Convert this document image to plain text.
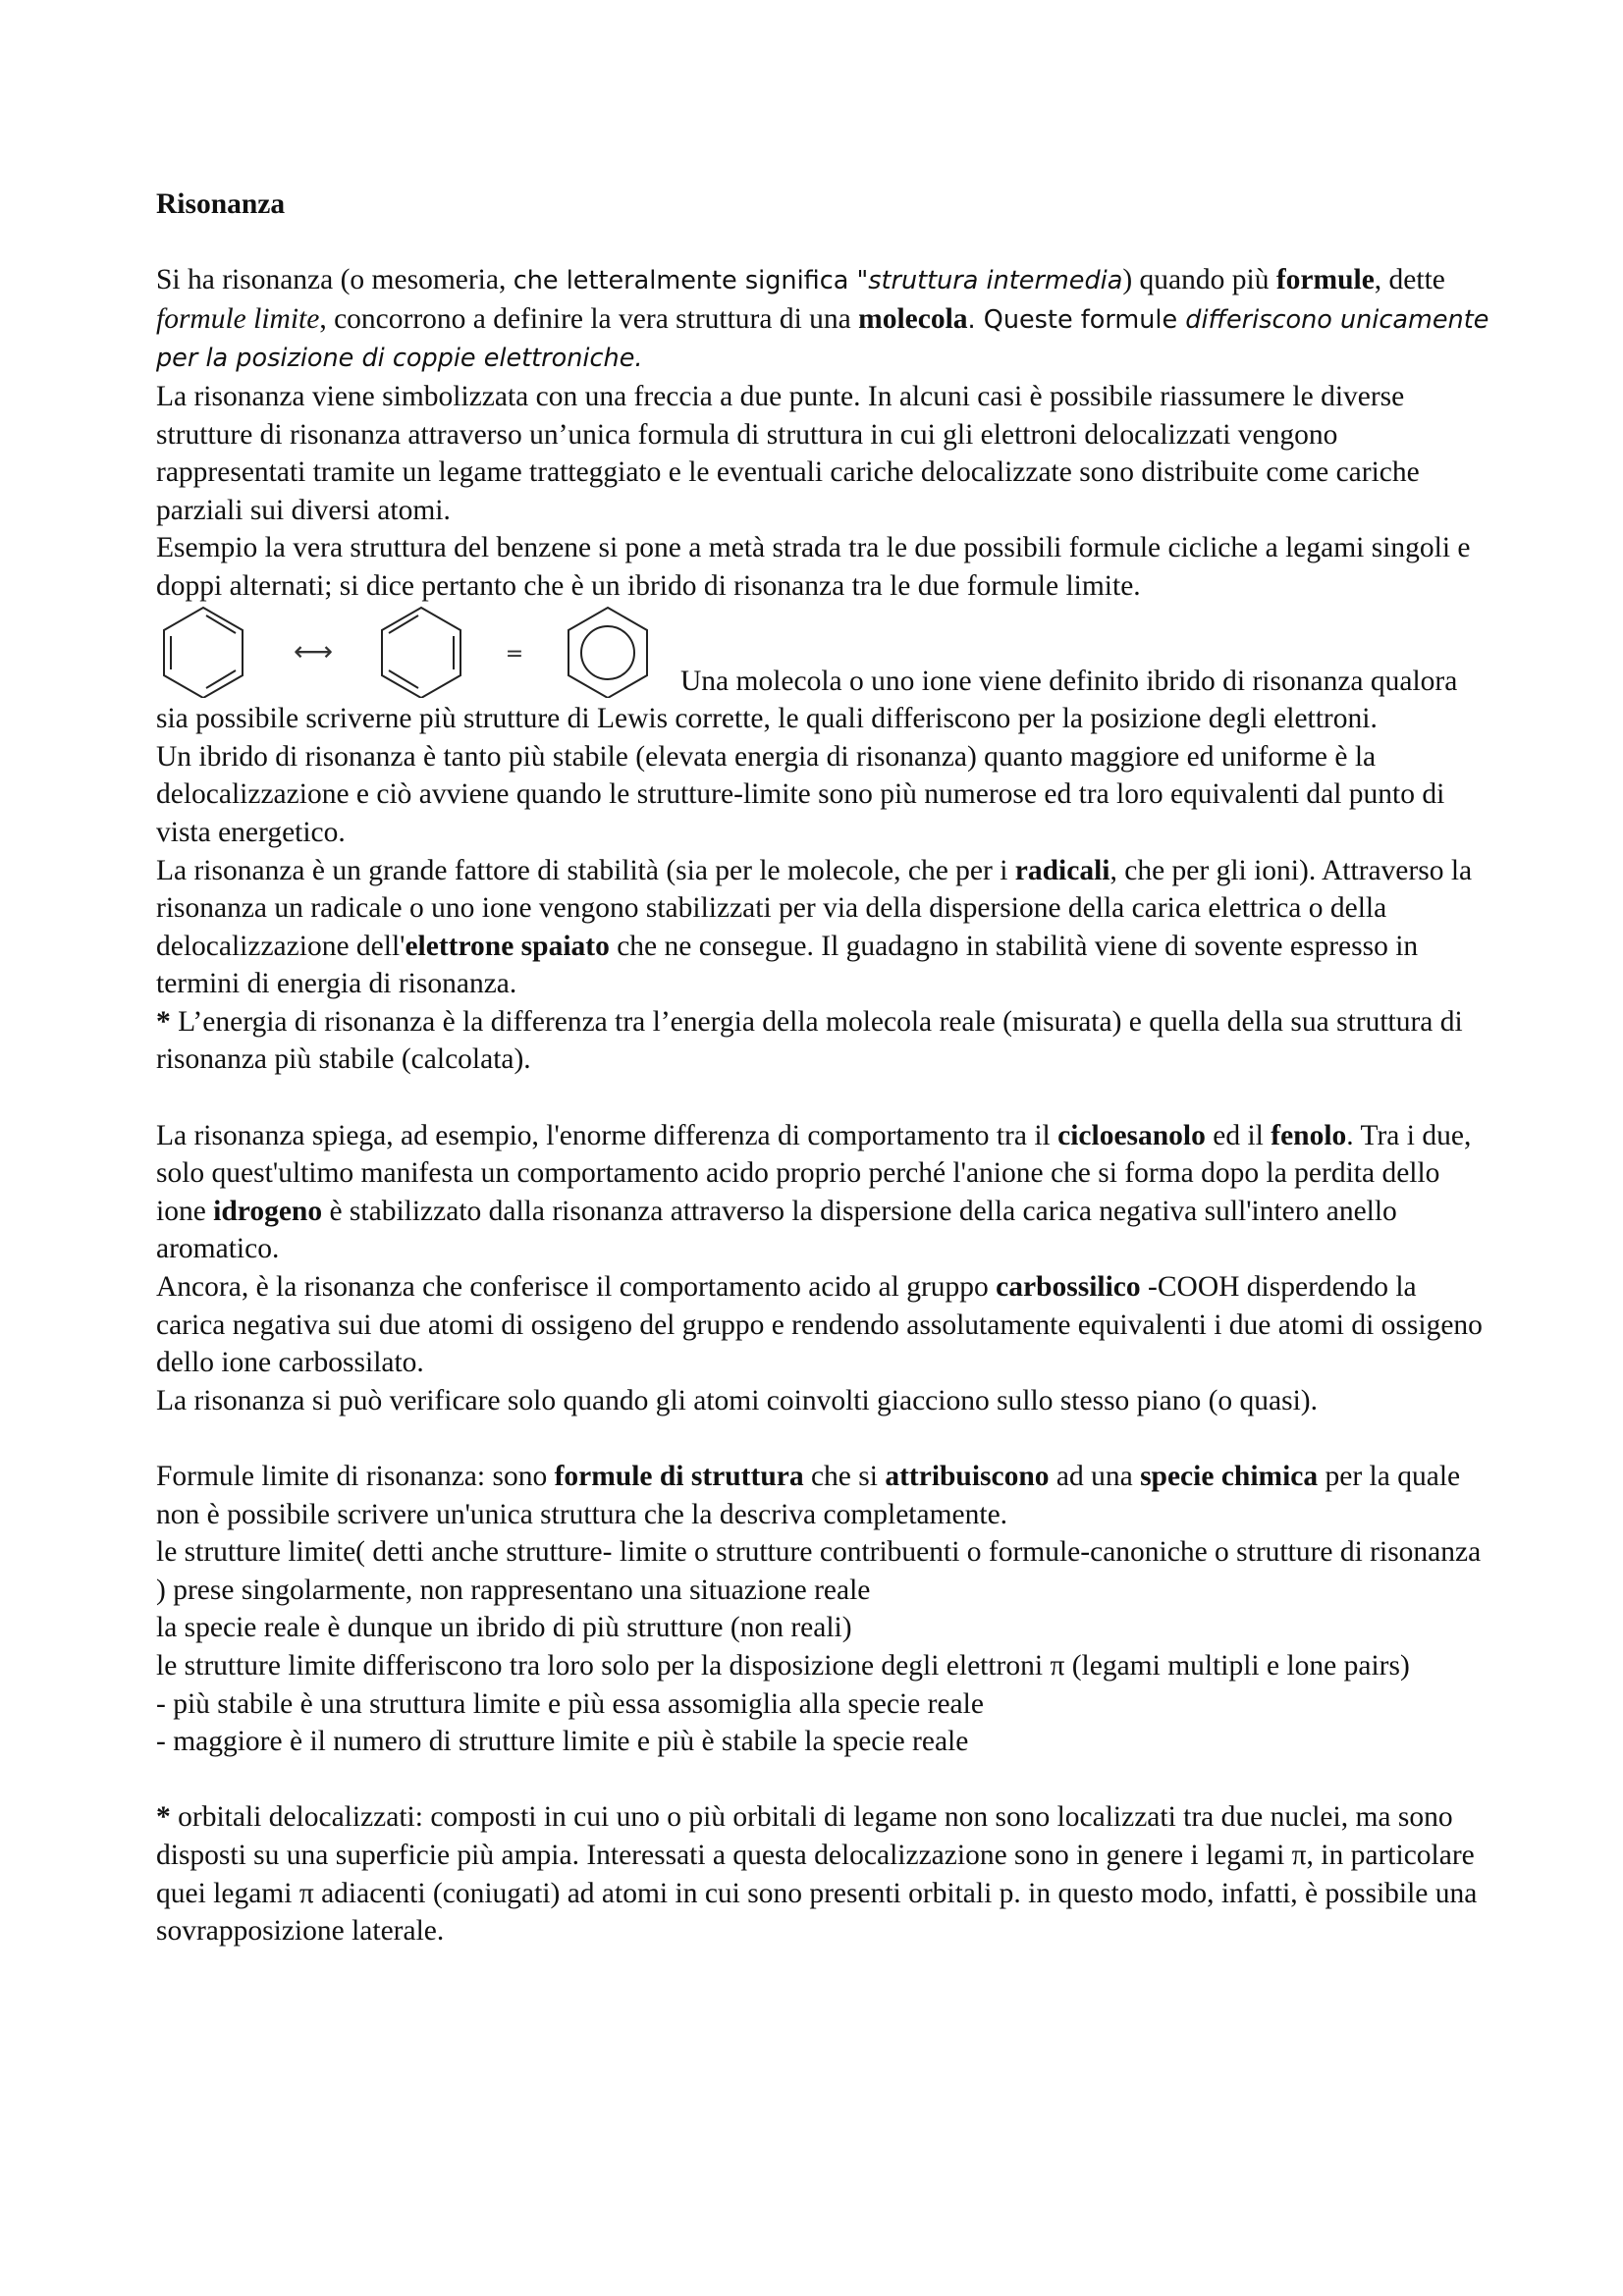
Risonanza

Si ha risonanza (o mesomeria, che letteralmente significa "struttura intermedia) quando più formule, dette formule limite, concorrono a definire la vera struttura di una molecola. Queste formule differiscono unicamente per la posizione di coppie elettroniche.

La risonanza viene simbolizzata con una freccia a due punte. In alcuni casi è possibile riassumere le diverse strutture di risonanza attraverso un’unica formula di struttura in cui gli elettroni delocalizzati vengono rappresentati tramite un legame tratteggiato e le eventuali cariche delocalizzate sono distribuite come cariche parziali sui diversi atomi.

Esempio la vera struttura del benzene si pone a metà strada tra le due possibili formule cicliche a legami singoli e doppi alternati; si dice pertanto che è un ibrido di risonanza tra le due formule limite.

⟷	=

Una molecola o uno ione viene definito ibrido di risonanza qualora sia possibile scriverne più strutture di Lewis corrette, le quali differiscono per la posizione degli elettroni.

Un ibrido di risonanza è tanto più stabile (elevata energia di risonanza) quanto maggiore ed uniforme è la delocalizzazione e ciò avviene quando le strutture-limite sono più numerose ed tra loro equivalenti dal punto di vista energetico.

La risonanza è un grande fattore di stabilità (sia per le molecole, che per i radicali, che per gli ioni). Attraverso la risonanza un radicale o uno ione vengono stabilizzati per via della dispersione della carica elettrica o della delocalizzazione dell'elettrone spaiato che ne consegue. Il guadagno in stabilità viene di sovente espresso in termini di energia di risonanza.

* L’energia di risonanza è la differenza tra l’energia della molecola reale (misurata) e quella della sua struttura di risonanza più stabile (calcolata).

La risonanza spiega, ad esempio, l'enorme differenza di comportamento tra il cicloesanolo ed il fenolo. Tra i due, solo quest'ultimo manifesta un comportamento acido proprio perché l'anione che si forma dopo la perdita dello ione idrogeno è stabilizzato dalla risonanza attraverso la dispersione della carica negativa sull'intero anello aromatico.

Ancora, è la risonanza che conferisce il comportamento acido al gruppo carbossilico -COOH disperdendo la carica negativa sui due atomi di ossigeno del gruppo e rendendo assolutamente equivalenti i due atomi di ossigeno dello ione carbossilato.

La risonanza si può verificare solo quando gli atomi coinvolti giacciono sullo stesso piano (o quasi).

Formule limite di risonanza: sono formule di struttura che si attribuiscono ad una specie chimica per la quale non è possibile scrivere un'unica struttura che la descriva completamente.

le strutture limite( detti anche strutture- limite o strutture contribuenti o formule-canoniche o strutture di risonanza ) prese singolarmente, non rappresentano una situazione reale

la specie reale è dunque un ibrido di più strutture (non reali)

le strutture limite differiscono tra loro solo per la disposizione degli elettroni π (legami multipli e lone pairs)

- più stabile è una struttura limite e più essa assomiglia alla specie reale

- maggiore è il numero di strutture limite e più è stabile la specie reale

* orbitali delocalizzati: composti in cui uno o più orbitali di legame non sono localizzati tra due nuclei, ma sono disposti su una superficie più ampia. Interessati a questa delocalizzazione sono in genere i legami π, in particolare quei legami π adiacenti (coniugati) ad atomi in cui sono presenti orbitali p. in questo modo, infatti, è possibile una sovrapposizione laterale.
